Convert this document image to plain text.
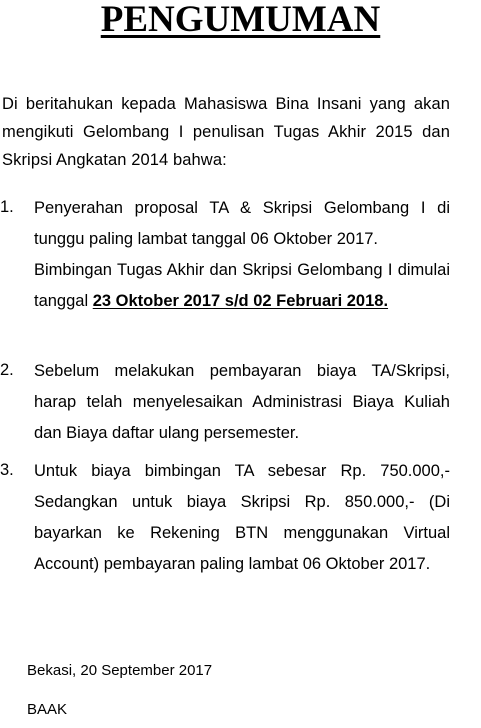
PENGUMUMAN
Di beritahukan kepada Mahasiswa Bina Insani yang akan mengikuti Gelombang I penulisan Tugas Akhir 2015 dan Skripsi Angkatan 2014 bahwa:
1.	Penyerahan proposal TA & Skripsi Gelombang I di tunggu paling lambat tanggal 06 Oktober 2017.
Bimbingan Tugas Akhir dan Skripsi Gelombang I dimulai tanggal 23 Oktober 2017 s/d 02 Februari 2018.
2.	Sebelum melakukan pembayaran biaya TA/Skripsi, harap telah menyelesaikan Administrasi Biaya Kuliah dan Biaya daftar ulang persemester.
3.	Untuk biaya bimbingan TA sebesar Rp. 750.000,- Sedangkan untuk biaya Skripsi Rp. 850.000,- (Di bayarkan ke Rekening BTN menggunakan Virtual Account) pembayaran paling lambat 06 Oktober 2017.
Bekasi, 20 September 2017
BAAK
